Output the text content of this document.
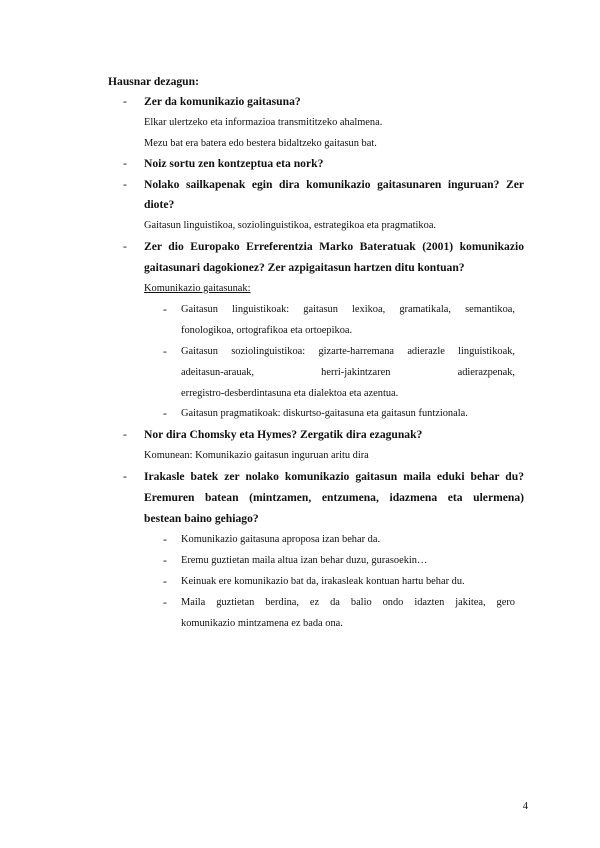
Hausnar dezagun:
- Zer da komunikazio gaitasuna?
Elkar ulertzeko eta informazioa transmititzeko ahalmena.
Mezu bat era batera edo bestera bidaltzeko gaitasun bat.
- Noiz sortu zen kontzeptua eta nork?
- Nolako sailkapenak egin dira komunikazio gaitasunaren inguruan? Zer
diote?
Gaitasun linguistikoa, soziolinguistikoa, estrategikoa eta pragmatikoa.
- Zer dio Europako Erreferentzia Marko Bateratuak (2001) komunikazio
gaitasunari dagokionez? Zer azpigaitasun hartzen ditu kontuan?
Komunikazio gaitasunak:
- Gaitasun linguistikoak: gaitasun lexikoa, gramatikala, semantikoa,
fonologikoa, ortografikoa eta ortoepikoa.
- Gaitasun soziolinguistikoa: gizarte-harremana adierazle linguistikoak,
adeitasun-arauak, herri-jakintzaren adierazpenak,
erregistro-desberdintasuna eta dialektoa eta azentua.
- Gaitasun pragmatikoak: diskurtso-gaitasuna eta gaitasun funtzionala.
- Nor dira Chomsky eta Hymes? Zergatik dira ezagunak?
Komunean: Komunikazio gaitasun inguruan aritu dira
- Irakasle batek zer nolako komunikazio gaitasun maila eduki behar du?
Eremuren batean (mintzamen, entzumena, idazmena eta ulermena)
bestean baino gehiago?
- Komunikazio gaitasuna aproposa izan behar da.
- Eremu guztietan maila altua izan behar duzu, gurasoekin…
- Keinuak ere komunikazio bat da, irakasleak kontuan hartu behar du.
- Maila guztietan berdina, ez da balio ondo idazten jakitea, gero
komunikazio mintzamena ez bada ona.
4
